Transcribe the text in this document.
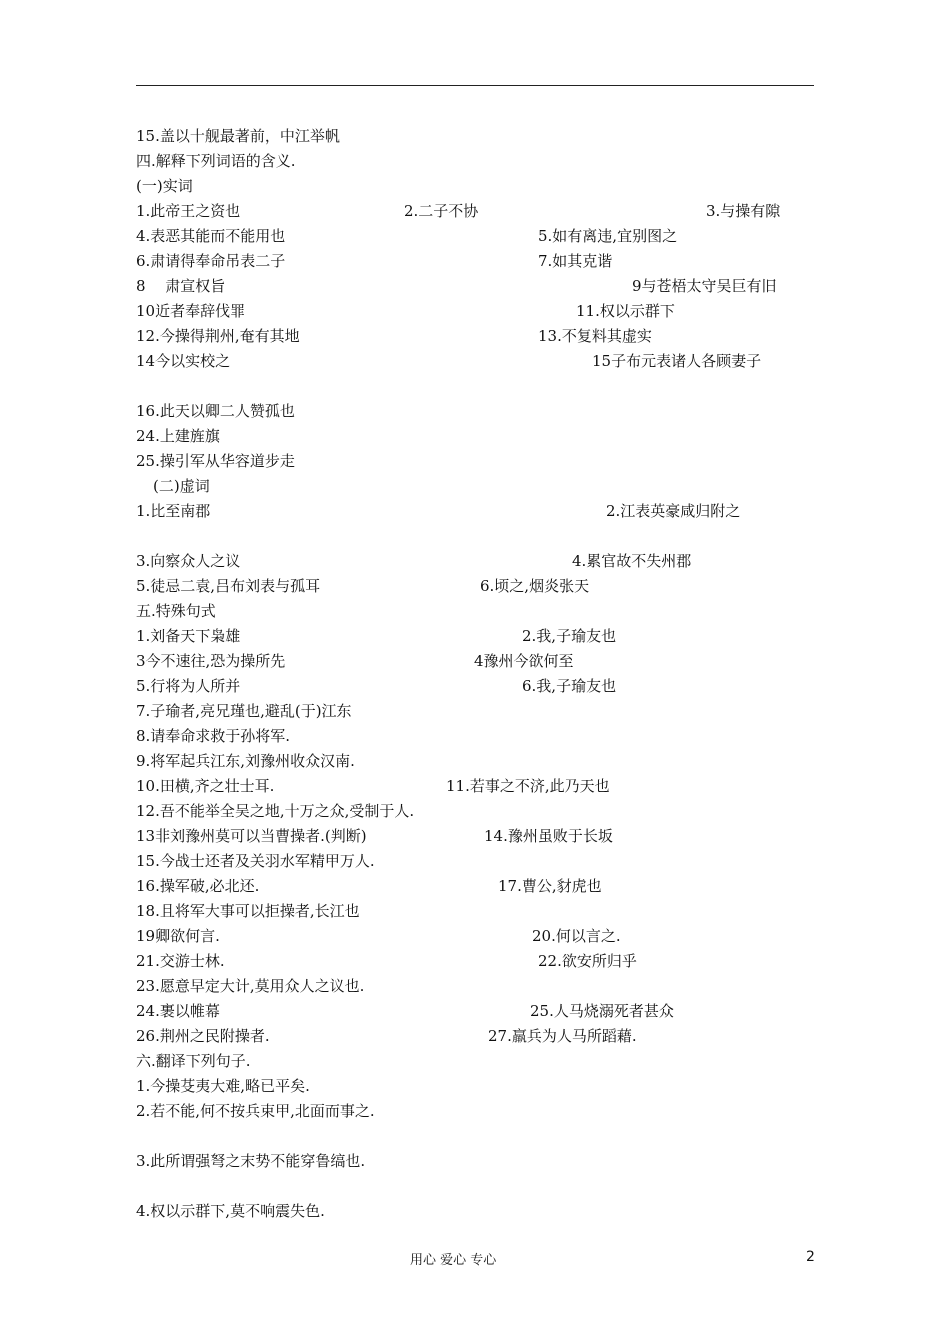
15.盖以十舰最著前，中江举帆
四.解释下列词语的含义.
(一)实词
1.此帝王之资也	2.二子不协	3.与操有隙
4.表恶其能而不能用也	5.如有离违,宜别图之
6.肃请得奉命吊表二子	7.如其克谐
8　 肃宣权旨	9与苍梧太守吴巨有旧
10近者奉辞伐罪	11.权以示群下
12.今操得荆州,奄有其地	13.不复料其虚实
14今以实校之	15子布元表诸人各顾妻子
16.此天以卿二人赞孤也
24.上建旌旗
25.操引军从华容道步走
(二)虚词
1.比至南郡	2.江表英豪咸归附之
3.向察众人之议	4.累官故不失州郡
5.徒忌二袁,吕布刘表与孤耳	6.顷之,烟炎张天
五.特殊句式
1.刘备天下枭雄	2.我,子瑜友也
3今不速往,恐为操所先	4豫州今欲何至
5.行将为人所并	6.我,子瑜友也
7.子瑜者,亮兄瑾也,避乱(于)江东
8.请奉命求救于孙将军.
9.将军起兵江东,刘豫州收众汉南.
10.田横,齐之壮士耳.	11.若事之不济,此乃天也
12.吾不能举全吴之地,十万之众,受制于人.
13非刘豫州莫可以当曹操者.(判断)	14.豫州虽败于长坂
15.今战士还者及关羽水军精甲万人.
16.操军破,必北还.	17.曹公,豺虎也
18.且将军大事可以拒操者,长江也
19卿欲何言.	20.何以言之.
21.交游士林.	22.欲安所归乎
23.愿意早定大计,莫用众人之议也.
24.裹以帷幕	25.人马烧溺死者甚众
26.荆州之民附操者.	27.羸兵为人马所蹈藉.
六.翻译下列句子.
1.今操芟夷大难,略已平矣.
2.若不能,何不按兵束甲,北面而事之.
3.此所谓强弩之末势不能穿鲁缟也.
4.权以示群下,莫不响震失色.
用心 爱心 专心	2
